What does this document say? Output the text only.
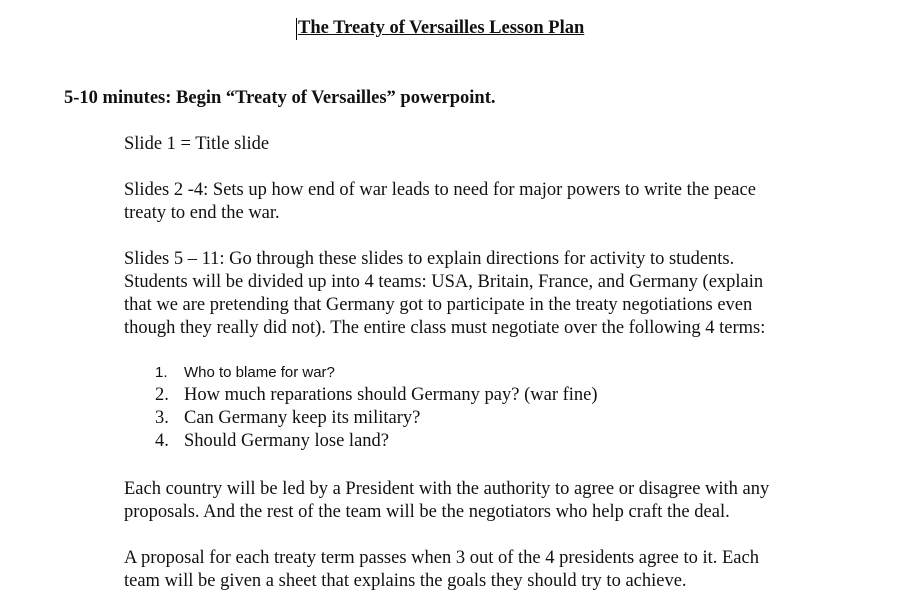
The Treaty of Versailles Lesson Plan
5-10 minutes: Begin “Treaty of Versailles” powerpoint.
Slide 1 = Title slide
Slides 2 -4: Sets up how end of war leads to need for major powers to write the peace
treaty to end the war.
Slides 5 – 11: Go through these slides to explain directions for activity to students.
Students will be divided up into 4 teams: USA, Britain, France, and Germany (explain
that we are pretending that Germany got to participate in the treaty negotiations even
though they really did not). The entire class must negotiate over the following 4 terms:
1. Who to blame for war?
2. How much reparations should Germany pay? (war fine)
3. Can Germany keep its military?
4. Should Germany lose land?
Each country will be led by a President with the authority to agree or disagree with any
proposals. And the rest of the team will be the negotiators who help craft the deal.
A proposal for each treaty term passes when 3 out of the 4 presidents agree to it. Each
team will be given a sheet that explains the goals they should try to achieve.
